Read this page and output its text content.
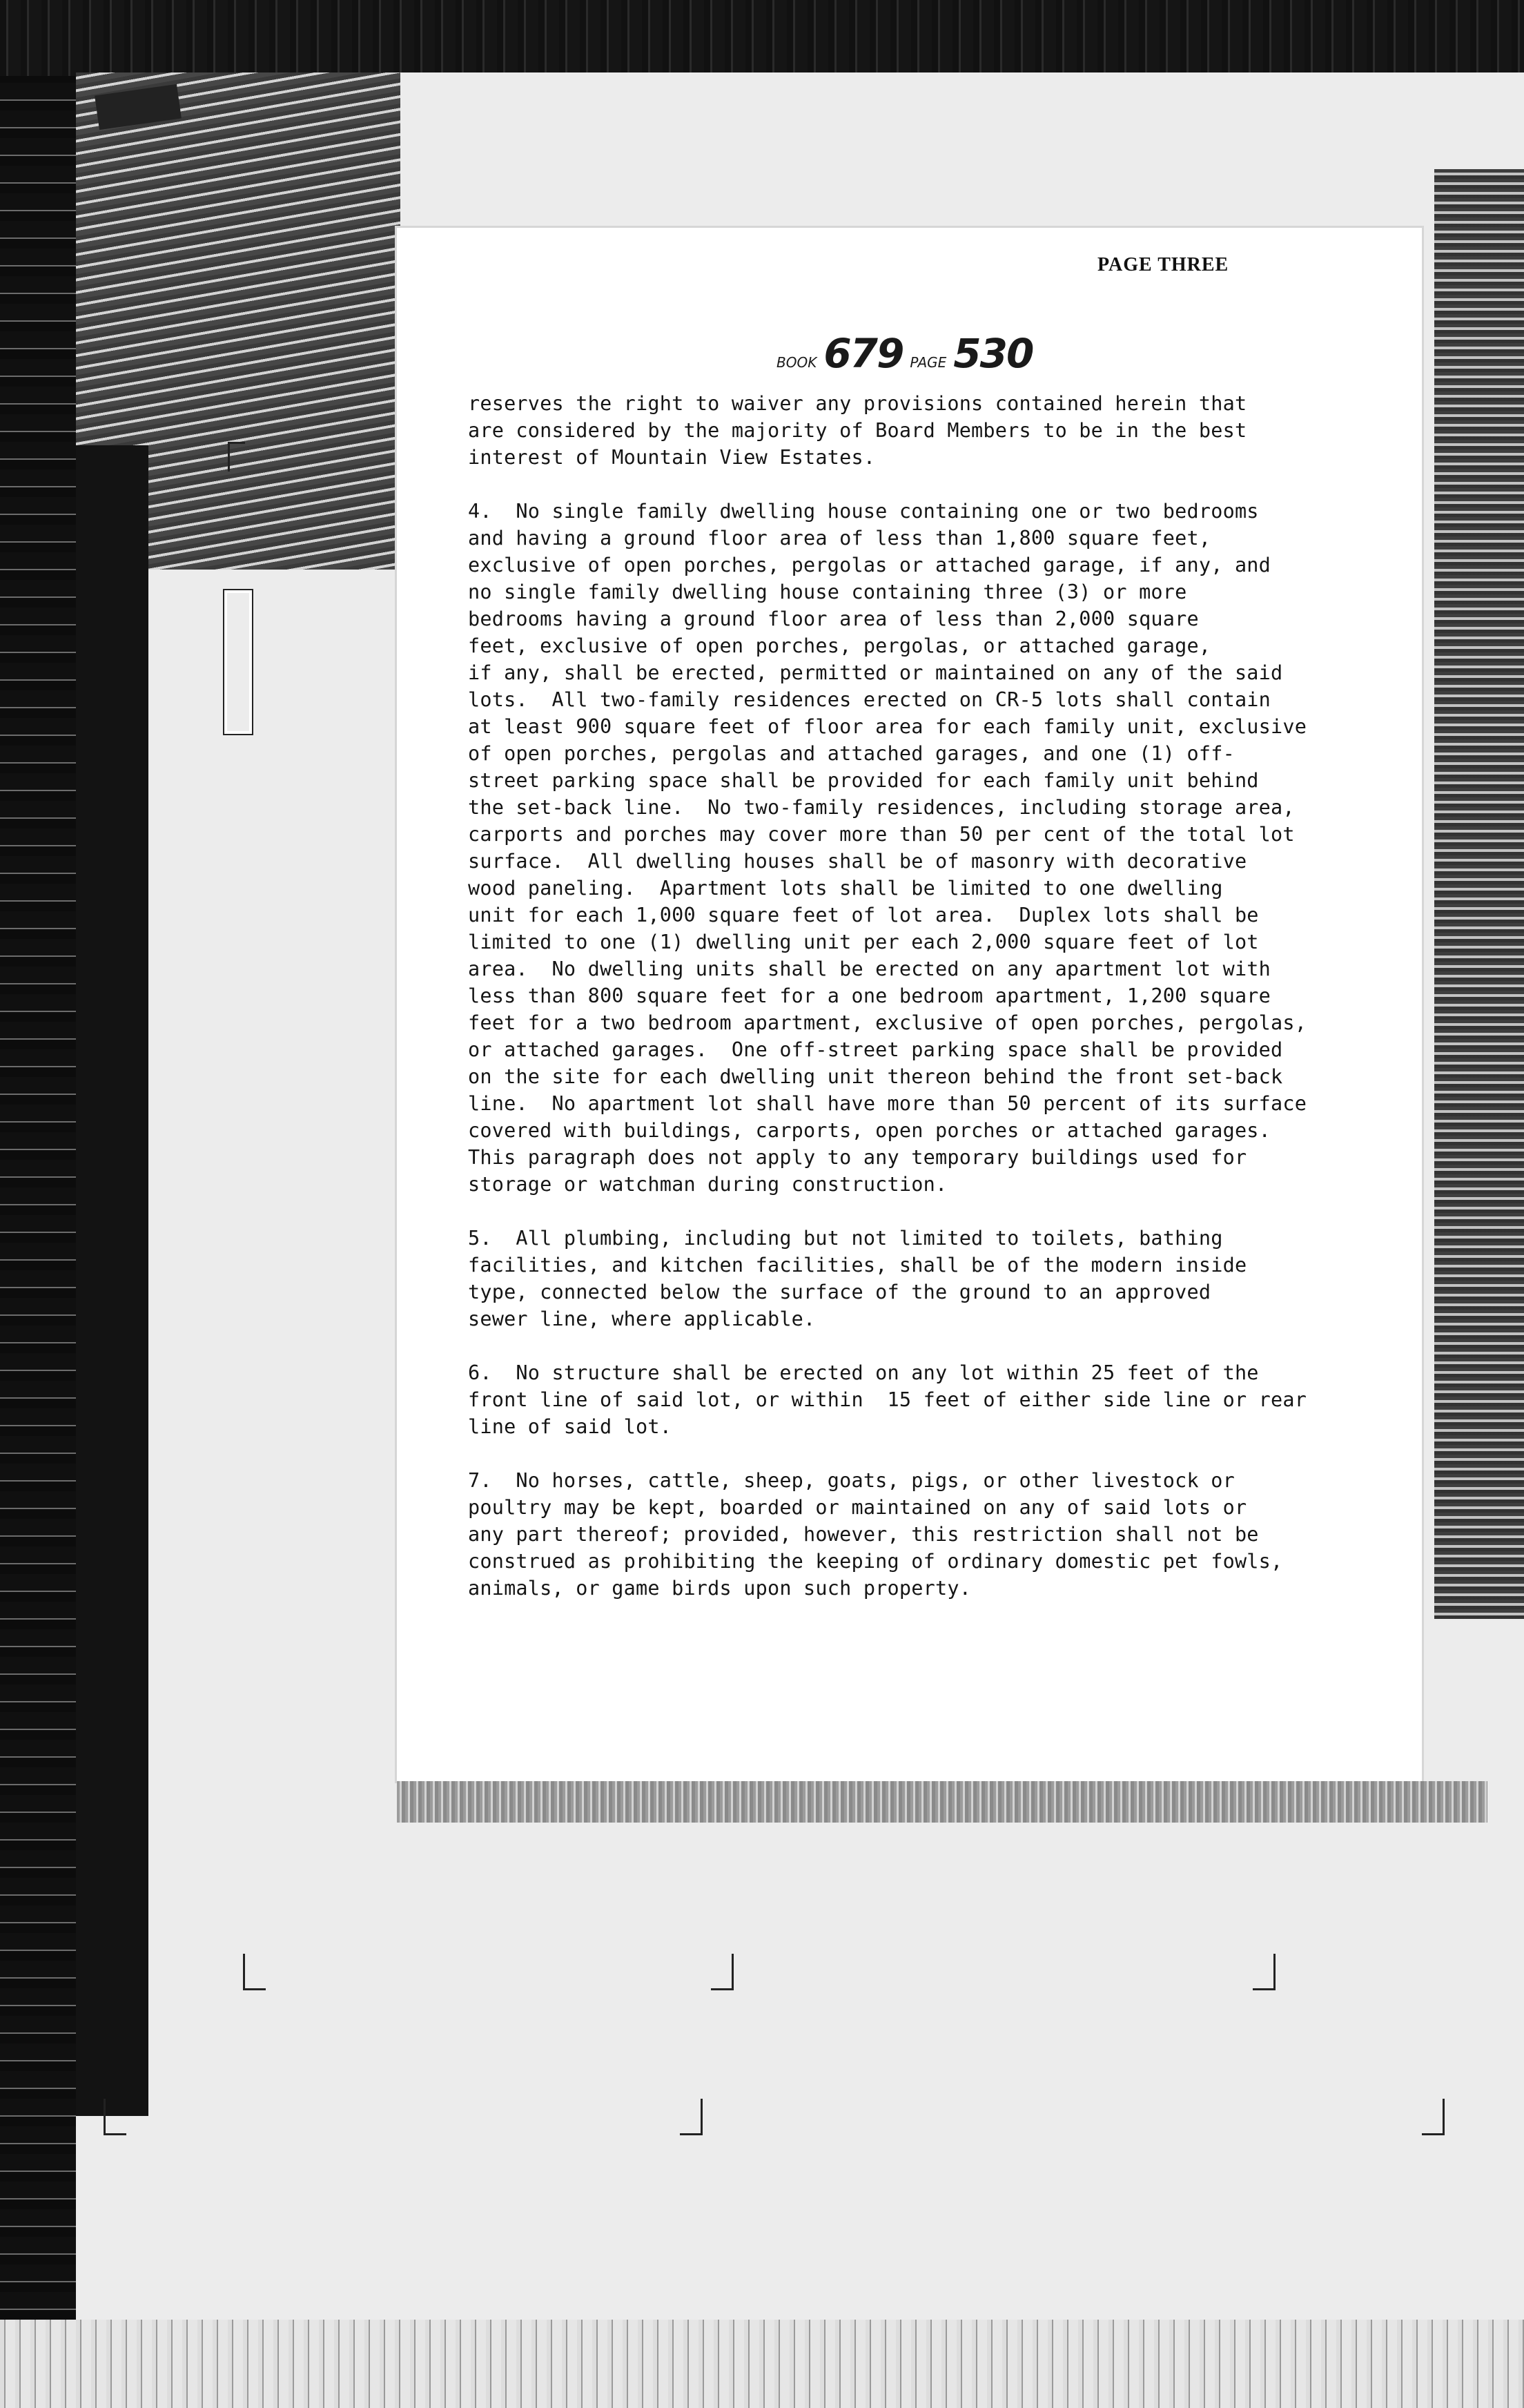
PAGE THREE
BOOK 679 PAGE 530
reserves the right to waiver any provisions contained herein that
are considered by the majority of Board Members to be in the best
interest of Mountain View Estates.
4.  No single family dwelling house containing one or two bedrooms
and having a ground floor area of less than 1,800 square feet,
exclusive of open porches, pergolas or attached garage, if any, and
no single family dwelling house containing three (3) or more
bedrooms having a ground floor area of less than 2,000 square
feet, exclusive of open porches, pergolas, or attached garage,
if any, shall be erected, permitted or maintained on any of the said
lots.  All two-family residences erected on CR-5 lots shall contain
at least 900 square feet of floor area for each family unit, exclusive
of open porches, pergolas and attached garages, and one (1) off-
street parking space shall be provided for each family unit behind
the set-back line.  No two-family residences, including storage area,
carports and porches may cover more than 50 per cent of the total lot
surface.  All dwelling houses shall be of masonry with decorative
wood paneling.  Apartment lots shall be limited to one dwelling
unit for each 1,000 square feet of lot area.  Duplex lots shall be
limited to one (1) dwelling unit per each 2,000 square feet of lot
area.  No dwelling units shall be erected on any apartment lot with
less than 800 square feet for a one bedroom apartment, 1,200 square
feet for a two bedroom apartment, exclusive of open porches, pergolas,
or attached garages.  One off-street parking space shall be provided
on the site for each dwelling unit thereon behind the front set-back
line.  No apartment lot shall have more than 50 percent of its surface
covered with buildings, carports, open porches or attached garages.
This paragraph does not apply to any temporary buildings used for
storage or watchman during construction.
5.  All plumbing, including but not limited to toilets, bathing
facilities, and kitchen facilities, shall be of the modern inside
type, connected below the surface of the ground to an approved
sewer line, where applicable.
6.  No structure shall be erected on any lot within 25 feet of the
front line of said lot, or within  15 feet of either side line or rear
line of said lot.
7.  No horses, cattle, sheep, goats, pigs, or other livestock or
poultry may be kept, boarded or maintained on any of said lots or
any part thereof; provided, however, this restriction shall not be
construed as prohibiting the keeping of ordinary domestic pet fowls,
animals, or game birds upon such property.
